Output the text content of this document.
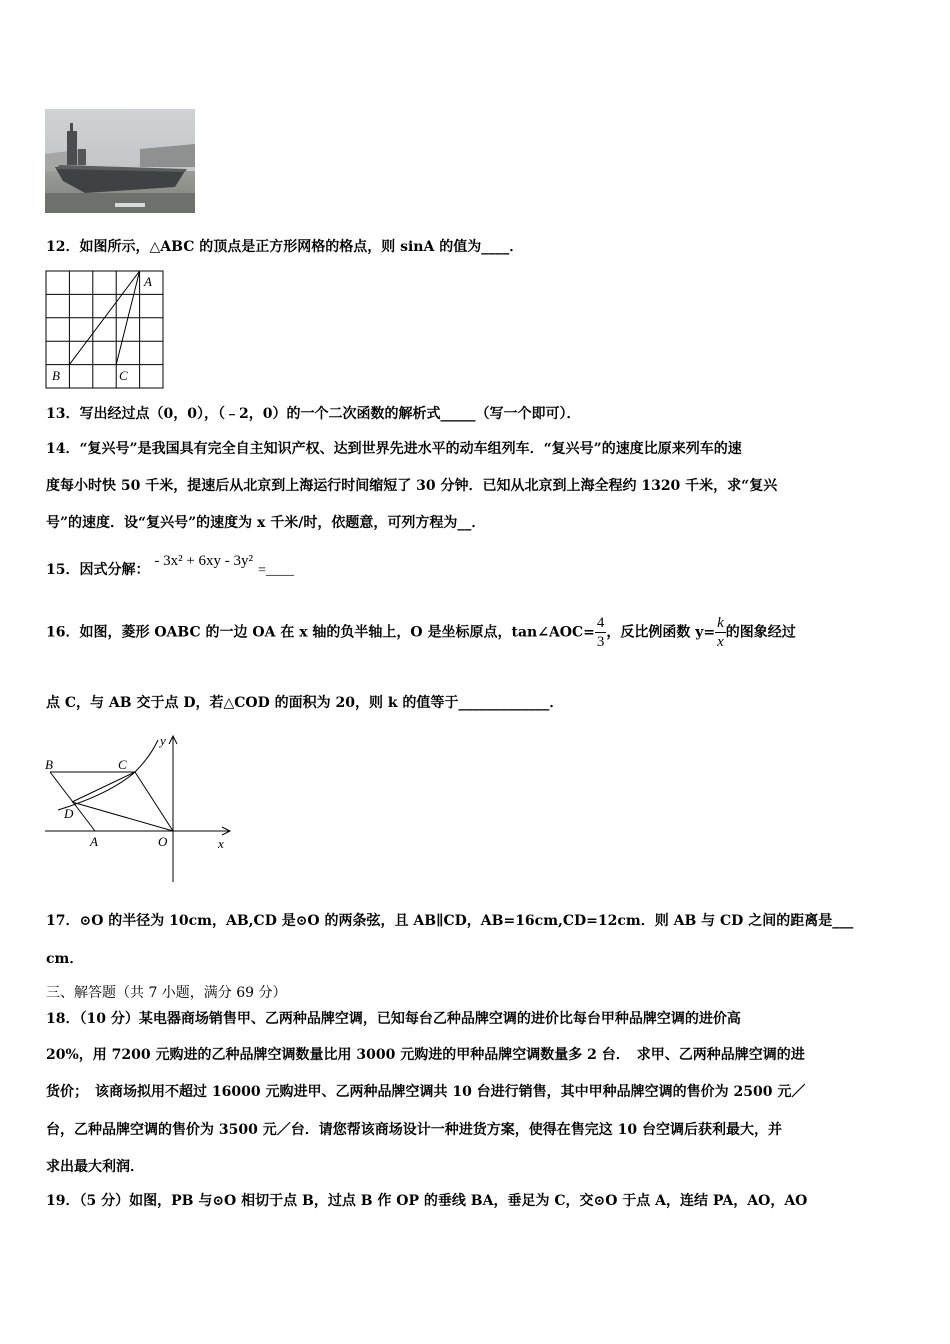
12．如图所示，△ABC 的顶点是正方形网格的格点，则 sinA 的值为____．
A
B	C
13．写出经过点（0，0），（﹣2，0）的一个二次函数的解析式_____（写一个即可）．
14．“复兴号”是我国具有完全自主知识产权、达到世界先进水平的动车组列车．“复兴号”的速度比原来列车的速
度每小时快 50 千米，提速后从北京到上海运行时间缩短了 30 分钟．已知从北京到上海全程约 1320 千米，求“复兴
号”的速度．设“复兴号”的速度为 x 千米/时，依题意，可列方程为__．
15．因式分解： - 3x² + 6xy - 3y² =____
16．如图，菱形 OABC 的一边 OA 在 x 轴的负半轴上，O 是坐标原点，tan∠AOC= $\frac{4}{3}$ ，反比例函数 $y= \frac{k}{x}$ 的图象经过
点 C，与 AB 交于点 D，若△COD 的面积为 20，则 k 的值等于_____________．
B	C
D
A	O	x
y
17．⊙O 的半径为 10cm，AB,CD 是⊙O 的两条弦，且 AB∥CD，AB=16cm,CD=12cm．则 AB 与 CD 之间的距离是___
cm．
三、解答题（共 7 小题，满分 69 分）
18．（10 分）某电器商场销售甲、乙两种品牌空调，已知每台乙种品牌空调的进价比每台甲种品牌空调的进价高
20%，用 7200 元购进的乙种品牌空调数量比用 3000 元购进的甲种品牌空调数量多 2 台．　求甲、乙两种品牌空调的进
货价；　该商场拟用不超过 16000 元购进甲、乙两种品牌空调共 10 台进行销售，其中甲种品牌空调的售价为 2500 元／
台，乙种品牌空调的售价为 3500 元／台．请您帮该商场设计一种进货方案，使得在售完这 10 台空调后获利最大，并
求出最大利润．
19．（5 分）如图，PB 与⊙O 相切于点 B，过点 B 作 OP 的垂线 BA，垂足为 C，交⊙O 于点 A，连结 PA，AO，AO
